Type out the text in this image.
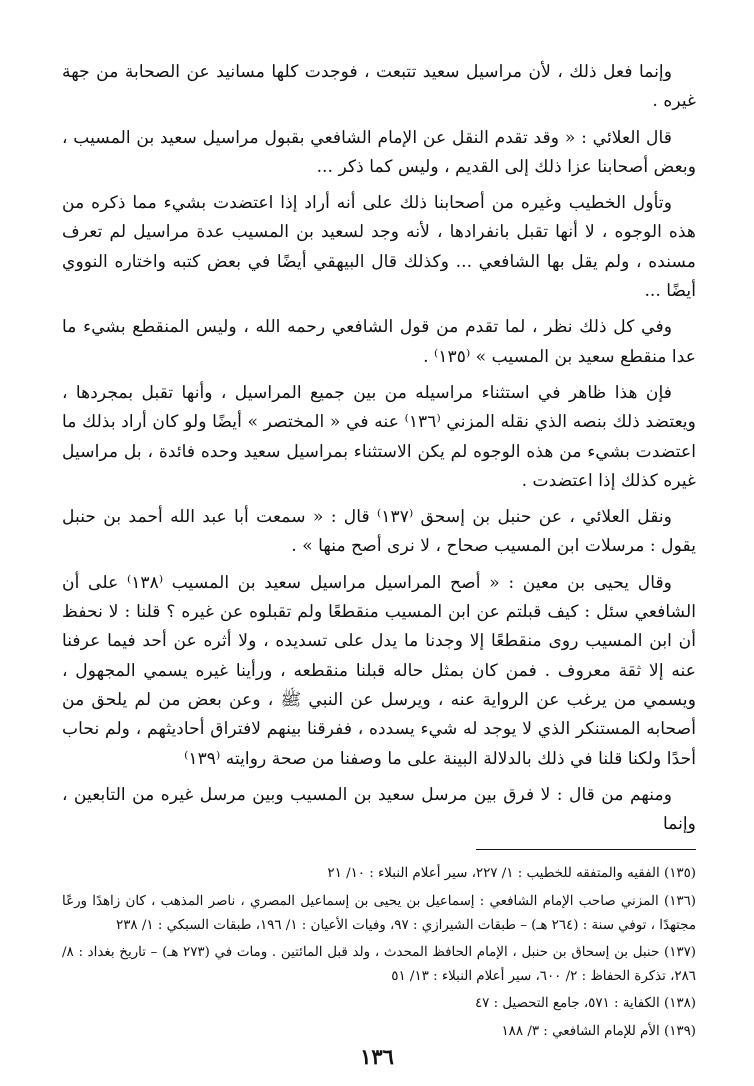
وإنما فعل ذلك ، لأن مراسيل سعيد تتبعت ، فوجدت كلها مسانيد عن الصحابة من جهة غيره .

قال العلائي : « وقد تقدم النقل عن الإمام الشافعي بقبول مراسيل سعيد بن المسيب ، وبعض أصحابنا عزا ذلك إلى القديم ، وليس كما ذكر ...

وتأول الخطيب وغيره من أصحابنا ذلك على أنه أراد إذا اعتضدت بشيء مما ذكره من هذه الوجوه ، لا أنها تقبل بانفرادها ، لأنه وجد لسعيد بن المسيب عدة مراسيل لم تعرف مسنده ، ولم يقل بها الشافعي ... وكذلك قال البيهقي أيضًا في بعض كتبه واختاره النووي أيضًا ...

وفي كل ذلك نظر ، لما تقدم من قول الشافعي رحمه الله ، وليس المنقطع بشيء ما عدا منقطع سعيد بن المسيب » ⁽١٣٥⁾ .

فإن هذا ظاهر في استثناء مراسيله من بين جميع المراسيل ، وأنها تقبل بمجردها ، ويعتضد ذلك بنصه الذي نقله المزني ⁽١٣٦⁾ عنه في « المختصر » أيضًا ولو كان أراد بذلك ما اعتضدت بشيء من هذه الوجوه لم يكن الاستثناء بمراسيل سعيد وحده فائدة ، بل مراسيل غيره كذلك إذا اعتضدت .

ونقل العلائي ، عن حنبل بن إسحق ⁽١٣٧⁾ قال : « سمعت أبا عبد الله أحمد بن حنبل يقول : مرسلات ابن المسيب صحاح ، لا نرى أصح منها » .

وقال يحيى بن معين : « أصح المراسيل مراسيل سعيد بن المسيب ⁽١٣٨⁾ على أن الشافعي سئل : كيف قبلتم عن ابن المسيب منقطعًا ولم تقبلوه عن غيره ؟ قلنا : لا نحفظ أن ابن المسيب روى منقطعًا إلا وجدنا ما يدل على تسديده ، ولا أثره عن أحد فيما عرفنا عنه إلا ثقة معروف . فمن كان بمثل حاله قبلنا منقطعه ، ورأينا غيره يسمي المجهول ، ويسمي من يرغب عن الرواية عنه ، ويرسل عن النبي ﷺ ، وعن بعض من لم يلحق من أصحابه المستنكر الذي لا يوجد له شيء يسدده ، ففرقنا بينهم لافتراق أحاديثهم ، ولم نحاب أحدًا ولكنا قلنا في ذلك بالدلالة البينة على ما وصفنا من صحة روايته ⁽١٣٩⁾

ومنهم من قال : لا فرق بين مرسل سعيد بن المسيب وبين مرسل غيره من التابعين ، وإنما

(١٣٥) الفقيه والمتفقه للخطيب : ١/ ٢٢٧، سير أعلام النبلاء : ١٠/ ٢١

(١٣٦) المزني صاحب الإمام الشافعي : إسماعيل بن يحيى بن إسماعيل المصري ، ناصر المذهب ، كان زاهدًا ورعًا مجتهدًا ، توفي سنة : (٢٦٤ هـ) – طبقات الشيرازي : ٩٧، وفيات الأعيان : ١/ ١٩٦، طبقات السبكي : ١/ ٢٣٨

(١٣٧) حنبل بن إسحاق بن حنبل ، الإمام الحافظ المحدث ، ولد قبل المائتين . ومات في (٢٧٣ هـ) – تاريخ بغداد : ٨/ ٢٨٦، تذكرة الحفاظ : ٢/ ٦٠٠، سير أعلام النبلاء : ١٣/ ٥١

(١٣٨) الكفاية : ٥٧١، جامع التحصيل : ٤٧

(١٣٩) الأم للإمام الشافعي : ٣/ ١٨٨

١٣٦
